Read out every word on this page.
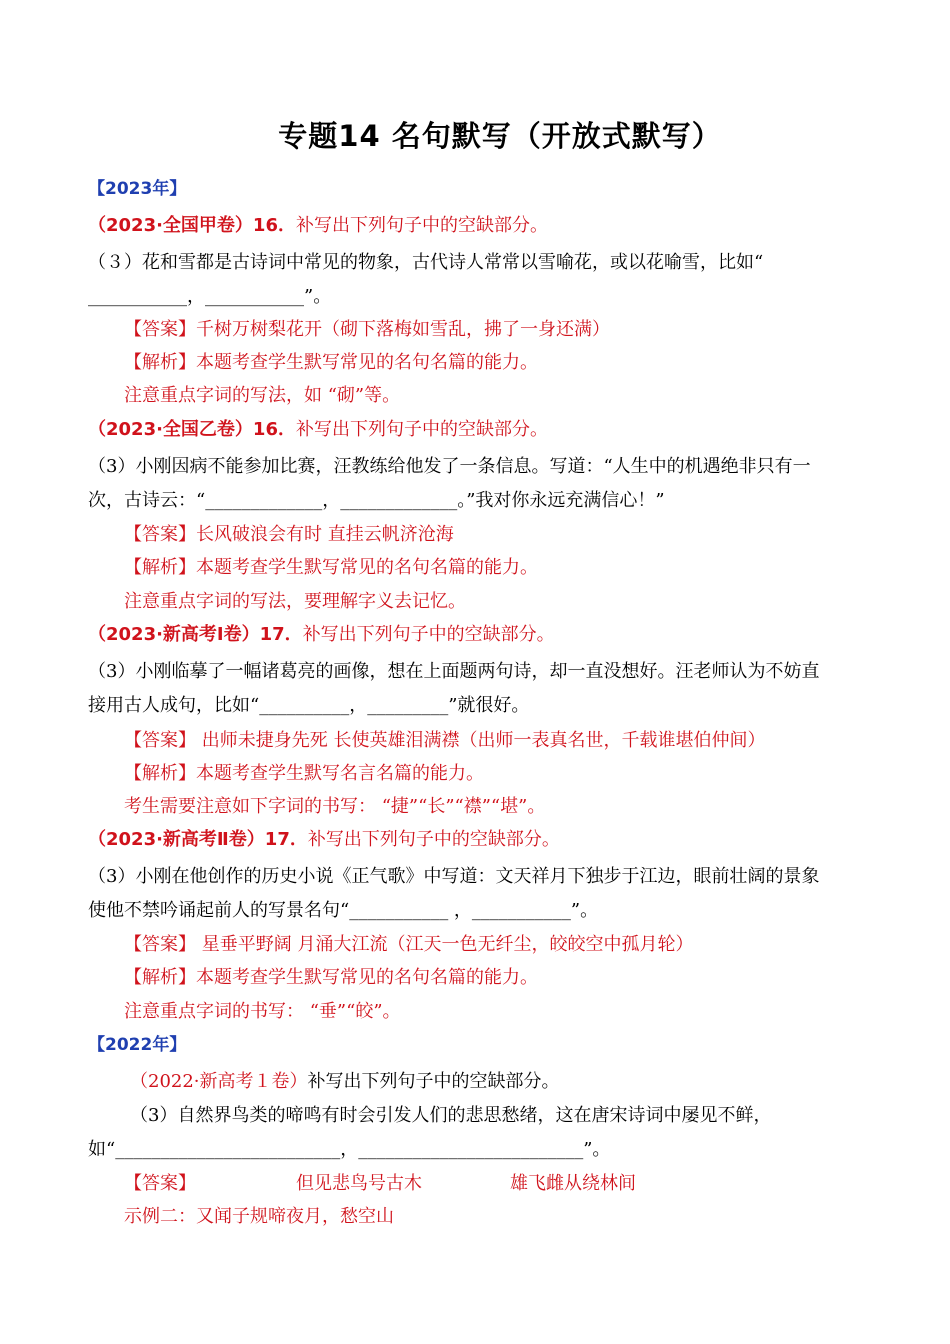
专题14 名句默写（开放式默写）
【2023年】
（2023·全国甲卷）16．补写出下列句子中的空缺部分。
（３）花和雪都是古诗词中常见的物象，古代诗人常常以雪喻花，或以花喻雪，比如“
___________，___________”。
【答案】千树万树梨花开（砌下落梅如雪乱，拂了一身还满）
【解析】本题考查学生默写常见的名句名篇的能力。
注意重点字词的写法，如 “砌”等。
（2023·全国乙卷）16．补写出下列句子中的空缺部分。
（3）小刚因病不能参加比赛，汪教练给他发了一条信息。写道：“人生中的机遇绝非只有一
次，古诗云：“_____________，_____________。”我对你永远充满信心！”
【答案】长风破浪会有时 直挂云帆济沧海
【解析】本题考查学生默写常见的名句名篇的能力。
注意重点字词的写法，要理解字义去记忆。
（2023·新高考Ⅰ卷）17．补写出下列句子中的空缺部分。
（3）小刚临摹了一幅诸葛亮的画像，想在上面题两句诗，却一直没想好。汪老师认为不妨直
接用古人成句，比如“__________，_________”就很好。
【答案】 出师未捷身先死 长使英雄泪满襟（出师一表真名世，千载谁堪伯仲间）
【解析】本题考查学生默写名言名篇的能力。
考生需要注意如下字词的书写： “捷”“长”“襟”“堪”。
（2023·新高考Ⅱ卷）17．补写出下列句子中的空缺部分。
（3）小刚在他创作的历史小说《正气歌》中写道：文天祥月下独步于江边，眼前壮阔的景象
使他不禁吟诵起前人的写景名句“___________ ，___________”。
【答案】 星垂平野阔 月涌大江流（江天一色无纤尘，皎皎空中孤月轮）
【解析】本题考查学生默写常见的名句名篇的能力。
注意重点字词的书写： “垂”“皎”。
【2022年】
（2022·新高考１卷）补写出下列句子中的空缺部分。
（3）自然界鸟类的啼鸣有时会引发人们的悲思愁绪，这在唐宋诗词中屡见不鲜，
如“_________________________，_________________________”。
【答案】	但见悲鸟号古木	雄飞雌从绕林间
示例二：又闻子规啼夜月，愁空山
